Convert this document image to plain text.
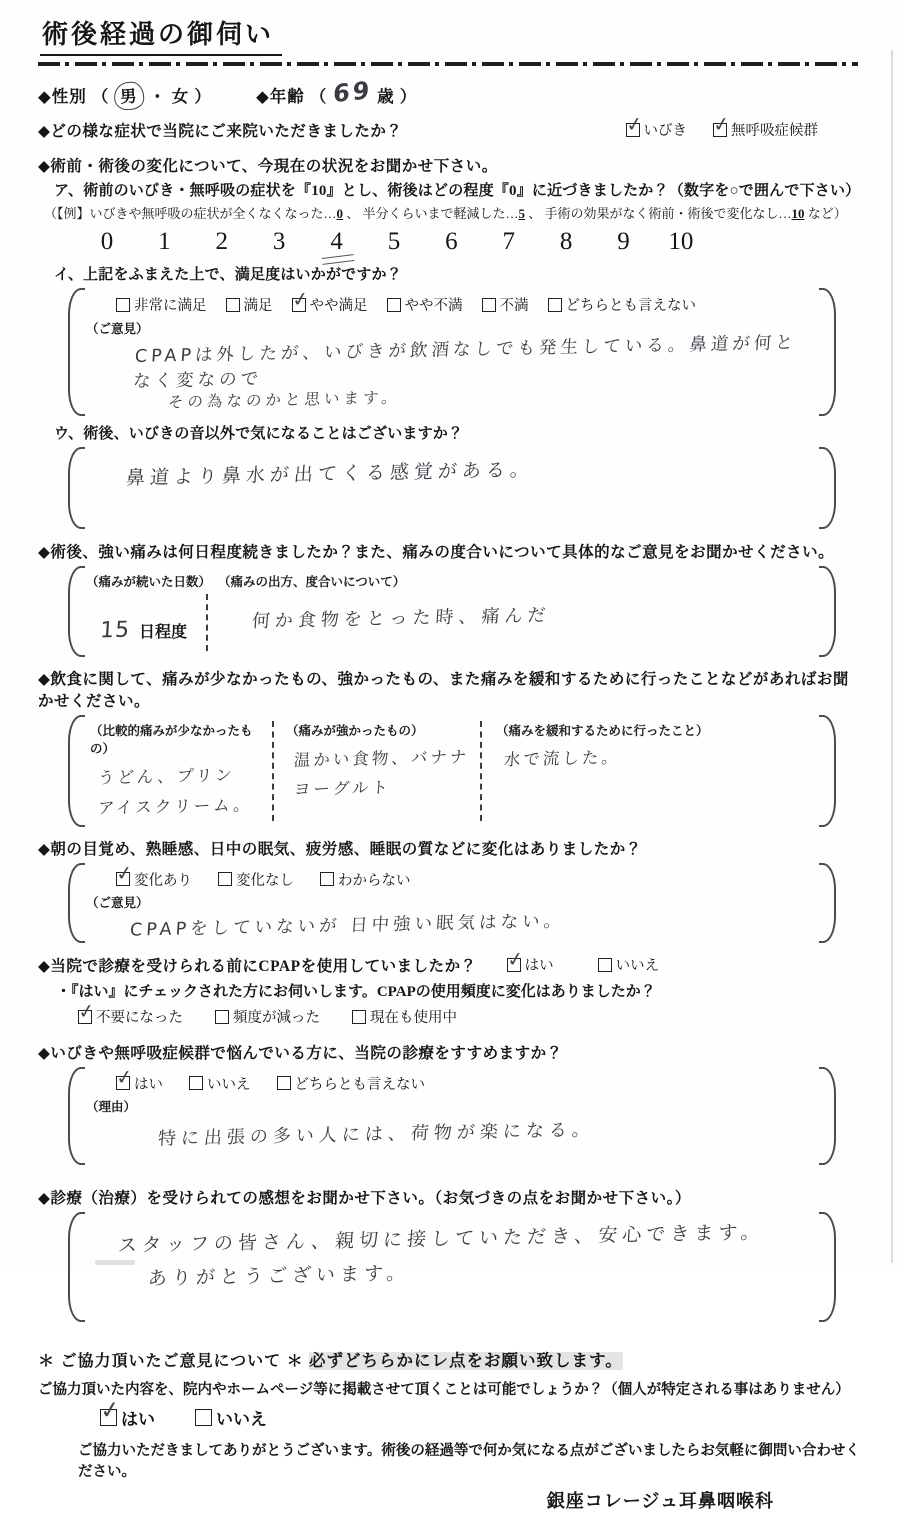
術後経過の御伺い
◆性別 （ 男 ・ 女 ）	◆年齢 （ 69 歳 ）
◆どの様な症状で当院にご来院いただきましたか？ ✓	いびき ✓	無呼吸症候群
◆術前・術後の変化について、今現在の状況をお聞かせ下さい。
ア、術前のいびき・無呼吸の症状を『10』とし、術後はどの程度『0』に近づきましたか？（数字を○で囲んで下さい）
（【例】いびきや無呼吸の症状が全くなくなった…0 、 半分くらいまで軽減した…5 、 手術の効果がなく術前・術後で変化なし…10 など）
0 1 2 3 4 5 6 7 8 9 10
イ、上記をふまえた上で、満足度はいかがですか？
非常に満足	満足 ✓	やや満足	やや不満	不満	どちらとも言えない
（ご意見）
CPAPは外したが、いびきが飲酒なしでも発生している。鼻道が何となく変なのでその為なのかと思います。
ウ、術後、いびきの音以外で気になることはございますか？
鼻道より鼻水が出てくる感覚がある。
◆術後、強い痛みは何日程度続きましたか？また、痛みの度合いについて具体的なご意見をお聞かせください。
（痛みが続いた日数） （痛みの出方、度合いについて）
15 日程度
何か食物をとった時、痛んだ
◆飲食に関して、痛みが少なかったもの、強かったもの、また痛みを緩和するために行ったことなどがあればお聞かせください。
（比較的痛みが少なかったもの）
うどん、プリンアイスクリーム。
（痛みが強かったもの）
温かい食物、バナナヨーグルト
（痛みを緩和するために行ったこと）
水で流した。
◆朝の目覚め、熟睡感、日中の眠気、疲労感、睡眠の質などに変化はありましたか？
✓
変化あり	変化なし	わからない
（ご意見）
CPAPをしていないが 日中強い眠気はない。
◆当院で診療を受けられる前にCPAPを使用していましたか？ ✓	はい	いいえ
・『はい』にチェックされた方にお伺いします。CPAPの使用頻度に変化はありましたか？
✓
不要になった	頻度が減った	現在も使用中
◆いびきや無呼吸症候群で悩んでいる方に、当院の診療をすすめますか？
✓
はい	いいえ	どちらとも言えない
（理由）
特に出張の多い人には、荷物が楽になる。
◆診療（治療）を受けられての感想をお聞かせ下さい。（お気づきの点をお聞かせ下さい。）
スタッフの皆さん、親切に接していただき、安心できます。ありがとうございます。
＊ ご協力頂いたご意見について ＊ 必ずどちらかにレ点をお願い致します。
ご協力頂いた内容を、院内やホームページ等に掲載させて頂くことは可能でしょうか？（個人が特定される事はありません）
✓
はい	いいえ
ご協力いただきましてありがとうございます。術後の経過等で何か気になる点がございましたらお気軽に御問い合わせください。
銀座コレージュ耳鼻咽喉科
